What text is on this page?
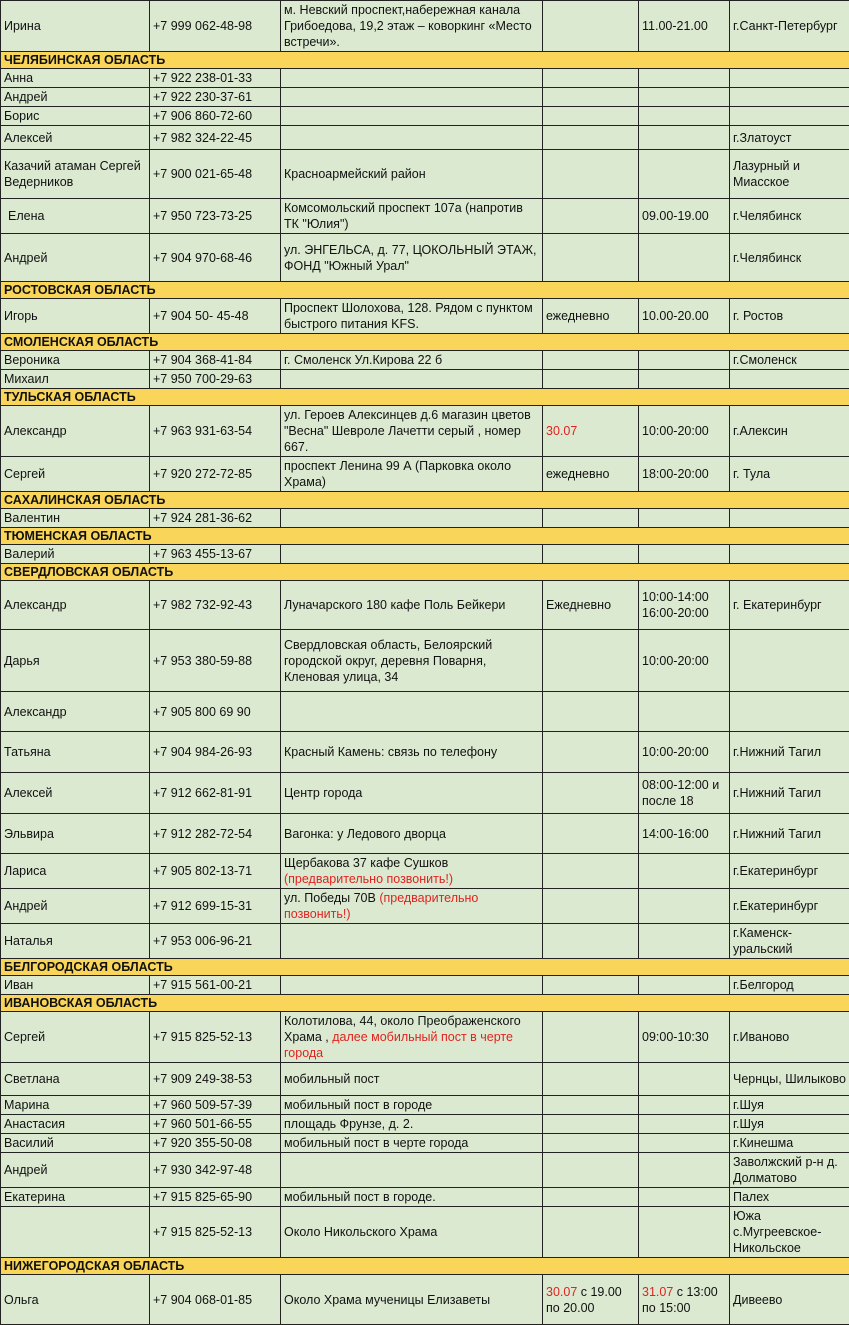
Ирина	+7 999 062-48-98	м. Невский проспект,набережная канала Грибоедова, 19,2 этаж – коворкинг «Место встречи».		11.00-21.00	г.Санкт-Петербург
ЧЕЛЯБИНСКАЯ ОБЛАСТЬ					
Анна	+7 922 238-01-33				
Андрей	+7 922 230-37-61				
Борис	+7 906 860-72-60				
Алексей	+7 982 324-22-45				г.Златоуст
Казачий атаман Сергей Ведерников	+7 900 021-65-48	Красноармейский район			Лазурный и Миасское
Елена	+7 950 723-73-25	Комсомольский проспект 107а (напротив ТК "Юлия")		09.00-19.00	г.Челябинск
Андрей	+7 904 970-68-46	ул. ЭНГЕЛЬСА, д. 77, ЦОКОЛЬНЫЙ ЭТАЖ, ФОНД "Южный Урал"			г.Челябинск
РОСТОВСКАЯ ОБЛАСТЬ					
Игорь	+7 904 50- 45-48	Проспект Шолохова, 128. Рядом с пунктом быстрого питания KFS.	ежедневно	10.00-20.00	г. Ростов
СМОЛЕНСКАЯ ОБЛАСТЬ					
Вероника	+7 904 368-41-84	г. Смоленск Ул.Кирова 22 б			г.Смоленск
Михаил	+7 950 700-29-63				
ТУЛЬСКАЯ ОБЛАСТЬ					
Александр	+7 963 931-63-54	ул. Героев Алексинцев д.6 магазин цветов "Весна" Шевроле Лачетти серый , номер 667.	30.07	10:00-20:00	г.Алексин
Сергей	+7 920 272-72-85	проспект Ленина 99 А (Парковка около Храма)	ежедневно	18:00-20:00	г. Тула
САХАЛИНСКАЯ ОБЛАСТЬ					
Валентин	+7 924 281-36-62				
ТЮМЕНСКАЯ ОБЛАСТЬ					
Валерий	+7 963 455-13-67				
СВЕРДЛОВСКАЯ ОБЛАСТЬ					
Александр	+7 982 732-92-43	Луначарского 180 кафе Поль Бейкери	Ежедневно	10:00-14:00 16:00-20:00	г. Екатеринбург
Дарья	+7 953 380-59-88	Свердловская область, Белоярский городской округ, деревня Поварня, Кленовая улица, 34		10:00-20:00	
Александр	+7 905 800 69 90				
Татьяна	+7 904 984-26-93	Красный Камень: связь по телефону		10:00-20:00	г.Нижний Тагил
Алексей	+7 912 662-81-91	Центр города		08:00-12:00 и после 18	г.Нижний Тагил
Эльвира	+7 912 282-72-54	Вагонка: у Ледового дворца		14:00-16:00	г.Нижний Тагил
Лариса	+7 905 802-13-71	Щербакова 37 кафе Сушков (предварительно позвонить!)			г.Екатеринбург
Андрей	+7 912 699-15-31	ул. Победы 70В (предварительно позвонить!)			г.Екатеринбург
Наталья	+7 953 006-96-21				г.Каменск-уральский
БЕЛГОРОДСКАЯ ОБЛАСТЬ					
Иван	+7 915 561-00-21				г.Белгород
ИВАНОВСКАЯ ОБЛАСТЬ					
Сергей	+7 915 825-52-13	Колотилова, 44, около Преображенского Храма , далее мобильный пост в черте города		09:00-10:30	г.Иваново
Светлана	+7 909 249-38-53	мобильный пост			Чернцы, Шилыково
Марина	+7 960 509-57-39	мобильный пост в городе			г.Шуя
Анастасия	+7 960 501-66-55	площадь Фрунзе, д. 2.			г.Шуя
Василий	+7 920 355-50-08	мобильный пост в черте города			г.Кинешма
Андрей	+7 930 342-97-48				Заволжский р-н д. Долматово
Екатерина	+7 915 825-65-90	мобильный пост в городе.			Палех
	+7 915 825-52-13	Около Никольского Храма			Южа с.Мугреевское-Никольское
НИЖЕГОРОДСКАЯ ОБЛАСТЬ					
Ольга	+7 904 068-01-85	Около Храма мученицы Елизаветы	30.07 с 19.00 по 20.00	31.07 с 13:00 по 15:00	Дивеево
